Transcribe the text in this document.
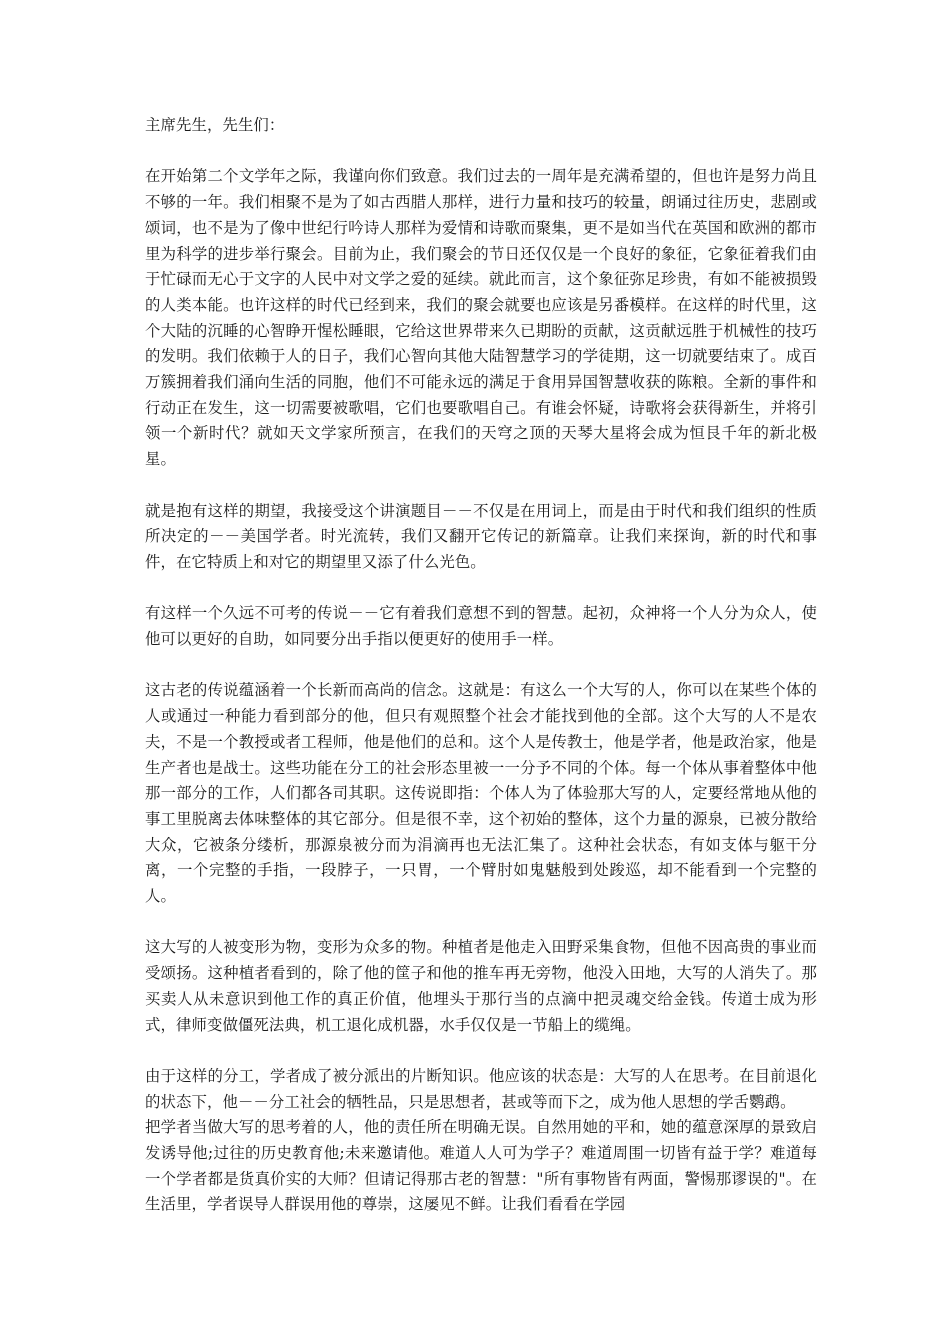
主席先生，先生们：

在开始第二个文学年之际，我谨向你们致意。我们过去的一周年是充满希望的，但也许是努力尚且不够的一年。我们相聚不是为了如古西腊人那样，进行力量和技巧的较量，朗诵过往历史，悲剧或颂词，也不是为了像中世纪行吟诗人那样为爱情和诗歌而聚集，更不是如当代在英国和欧洲的都市里为科学的进步举行聚会。目前为止，我们聚会的节日还仅仅是一个良好的象征，它象征着我们由于忙碌而无心于文字的人民中对文学之爱的延续。就此而言，这个象征弥足珍贵，有如不能被损毁的人类本能。也许这样的时代已经到来，我们的聚会就要也应该是另番模样。在这样的时代里，这个大陆的沉睡的心智睁开惺松睡眼，它给这世界带来久已期盼的贡献，这贡献远胜于机械性的技巧的发明。我们依赖于人的日子，我们心智向其他大陆智慧学习的学徒期，这一切就要结束了。成百万簇拥着我们涌向生活的同胞，他们不可能永远的满足于食用异国智慧收获的陈粮。全新的事件和行动正在发生，这一切需要被歌唱，它们也要歌唱自己。有谁会怀疑，诗歌将会获得新生，并将引领一个新时代？就如天文学家所预言，在我们的天穹之顶的天琴大星将会成为恒艮千年的新北极星。

就是抱有这样的期望，我接受这个讲演题目－－不仅是在用词上，而是由于时代和我们组织的性质所决定的－－美国学者。时光流转，我们又翻开它传记的新篇章。让我们来探询，新的时代和事件，在它特质上和对它的期望里又添了什么光色。

有这样一个久远不可考的传说－－它有着我们意想不到的智慧。起初，众神将一个人分为众人，使他可以更好的自助，如同要分出手指以便更好的使用手一样。

这古老的传说蕴涵着一个长新而高尚的信念。这就是：有这么一个大写的人，你可以在某些个体的人或通过一种能力看到部分的他，但只有观照整个社会才能找到他的全部。这个大写的人不是农夫，不是一个教授或者工程师，他是他们的总和。这个人是传教士，他是学者，他是政治家，他是生产者也是战士。这些功能在分工的社会形态里被一一分予不同的个体。每一个体从事着整体中他那一部分的工作，人们都各司其职。这传说即指：个体人为了体验那大写的人，定要经常地从他的事工里脱离去体味整体的其它部分。但是很不幸，这个初始的整体，这个力量的源泉，已被分散给大众，它被条分缕析，那源泉被分而为涓滴再也无法汇集了。这种社会状态，有如支体与躯干分离，一个完整的手指，一段脖子，一只胃，一个臂肘如鬼魅般到处踆巡，却不能看到一个完整的人。

这大写的人被变形为物，变形为众多的物。种植者是他走入田野采集食物，但他不因高贵的事业而受颂扬。这种植者看到的，除了他的筐子和他的推车再无旁物，他没入田地，大写的人消失了。那买卖人从未意识到他工作的真正价值，他埋头于那行当的点滴中把灵魂交给金钱。传道士成为形式，律师变做僵死法典，机工退化成机器，水手仅仅是一节船上的缆绳。

由于这样的分工，学者成了被分派出的片断知识。他应该的状态是：大写的人在思考。在目前退化的状态下，他－－分工社会的牺牲品，只是思想者，甚或等而下之，成为他人思想的学舌鹦鹉。

把学者当做大写的思考着的人，他的责任所在明确无误。自然用她的平和，她的蕴意深厚的景致启发诱导他;过往的历史教育他;未来邀请他。难道人人可为学子？难道周围一切皆有益于学？难道每一个学者都是货真价实的大师？但请记得那古老的智慧："所有事物皆有两面，警惕那谬误的"。在生活里，学者误导人群误用他的尊崇，这屡见不鲜。让我们看看在学园
